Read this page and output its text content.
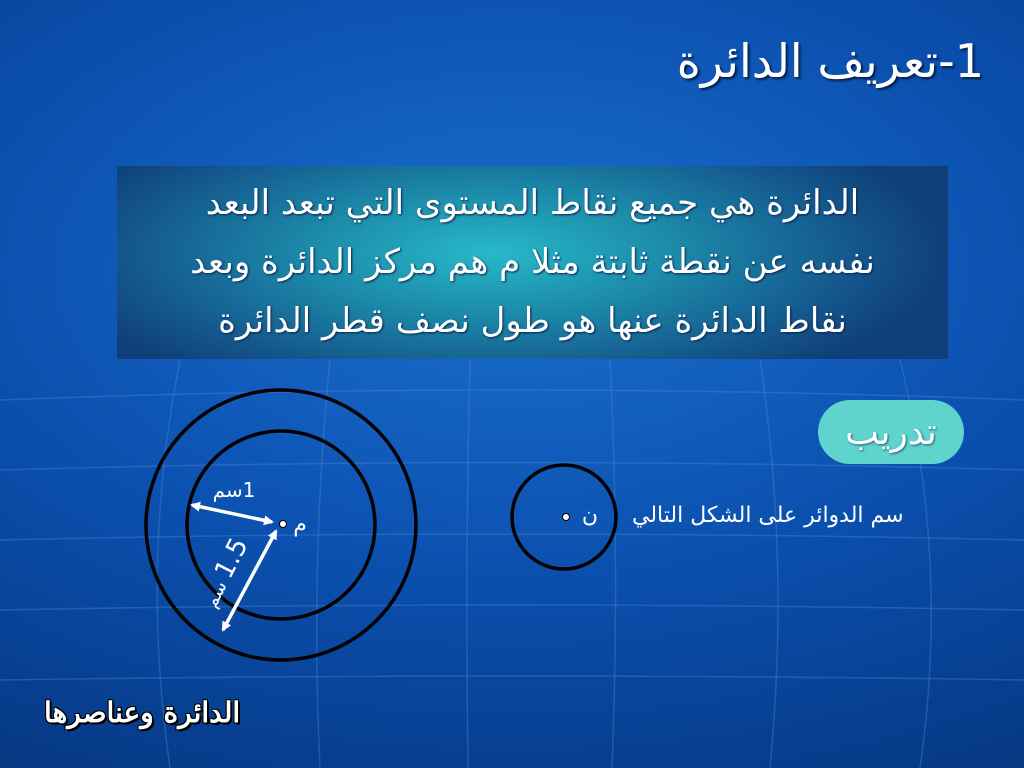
1-تعريف الدائرة
الدائرة هي جميع نقاط المستوى التي تبعد البعد
نفسه عن نقطة ثابتة مثلا م هم مركز الدائرة وبعد
نقاط الدائرة عنها هو طول نصف قطر الدائرة
تدريب
سم الدوائر على الشكل التالي
م
1سم
1.5
سم
ن
الدائرة وعناصرها
